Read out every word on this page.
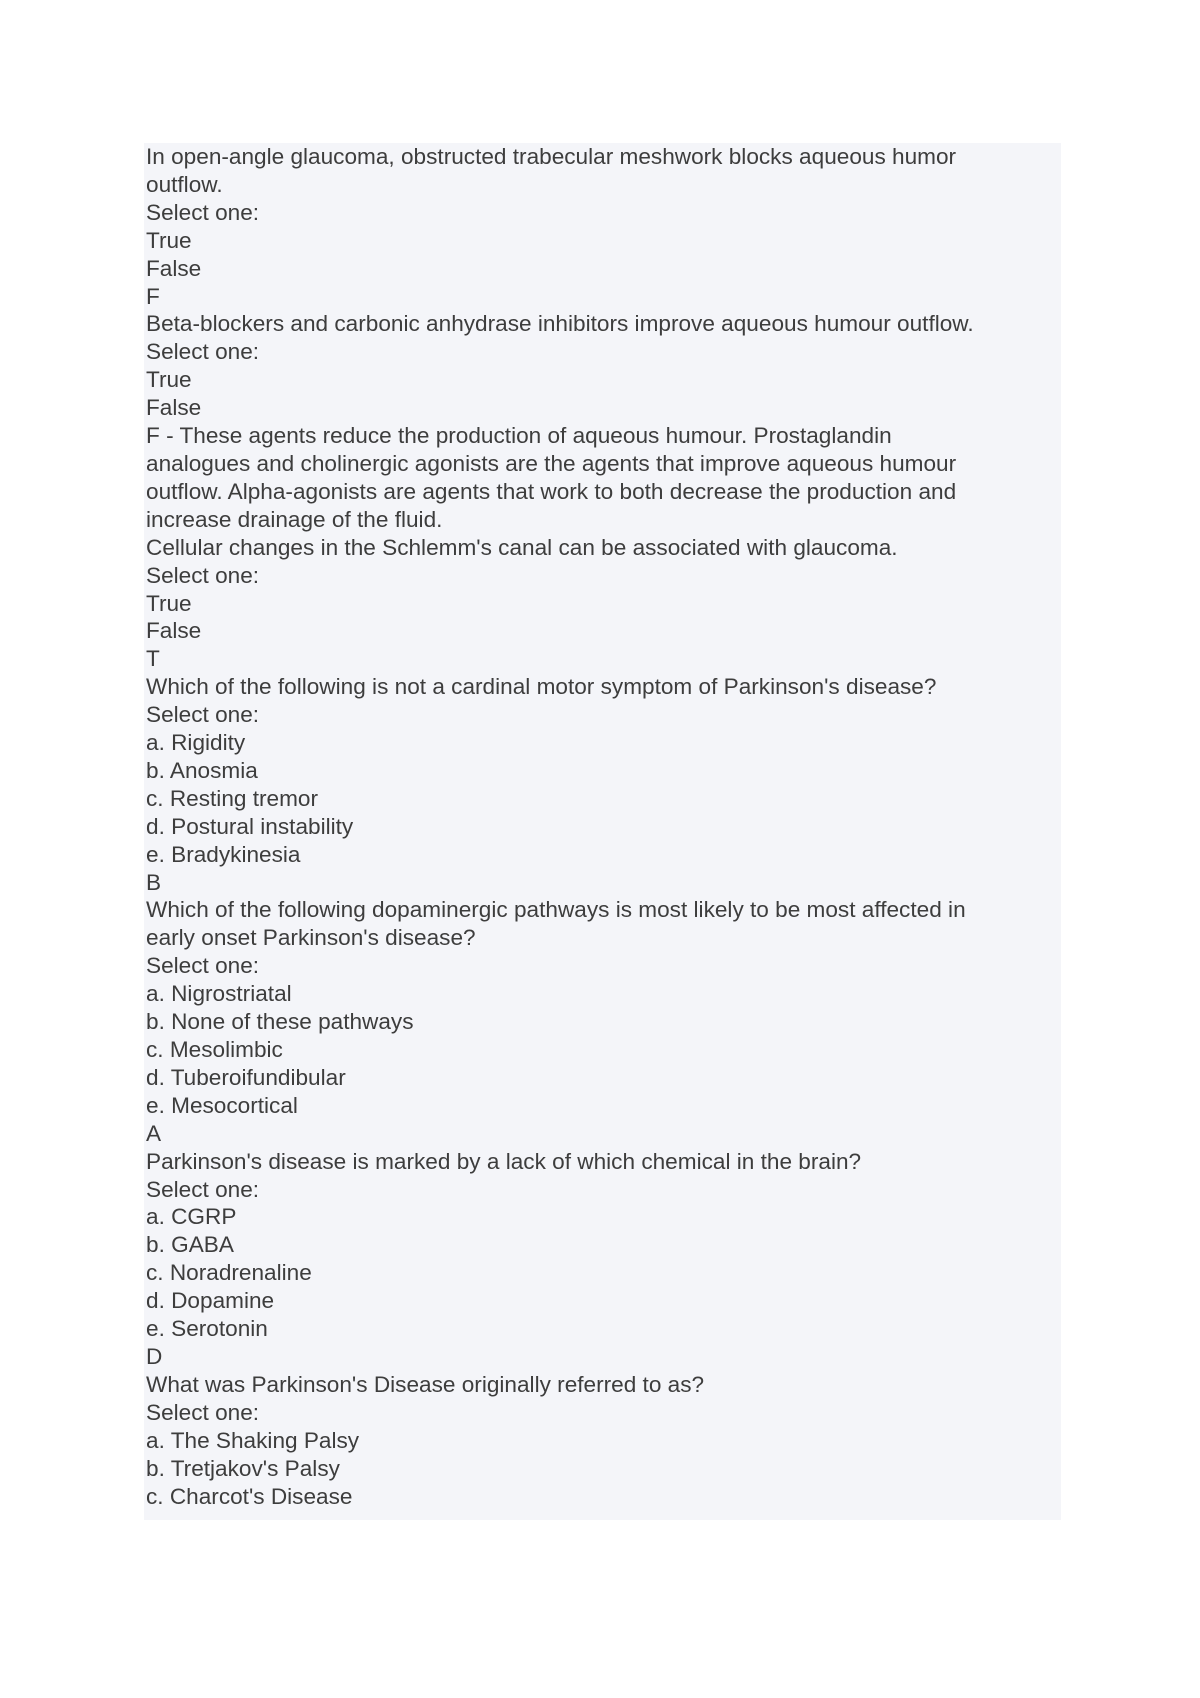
In open-angle glaucoma, obstructed trabecular meshwork blocks aqueous humor

outflow.

Select one:

True

False

F

Beta-blockers and carbonic anhydrase inhibitors improve aqueous humour outflow.

Select one:

True

False

F - These agents reduce the production of aqueous humour. Prostaglandin

analogues and cholinergic agonists are the agents that improve aqueous humour

outflow. Alpha-agonists are agents that work to both decrease the production and

increase drainage of the fluid.

Cellular changes in the Schlemm's canal can be associated with glaucoma.

Select one:

True

False

T

Which of the following is not a cardinal motor symptom of Parkinson's disease?

Select one:

a. Rigidity

b. Anosmia

c. Resting tremor

d. Postural instability

e. Bradykinesia

B

Which of the following dopaminergic pathways is most likely to be most affected in

early onset Parkinson's disease?

Select one:

a. Nigrostriatal

b. None of these pathways

c. Mesolimbic

d. Tuberoifundibular

e. Mesocortical

A

Parkinson's disease is marked by a lack of which chemical in the brain?

Select one:

a. CGRP

b. GABA

c. Noradrenaline

d. Dopamine

e. Serotonin

D

What was Parkinson's Disease originally referred to as?

Select one:

a. The Shaking Palsy

b. Tretjakov's Palsy

c. Charcot's Disease
